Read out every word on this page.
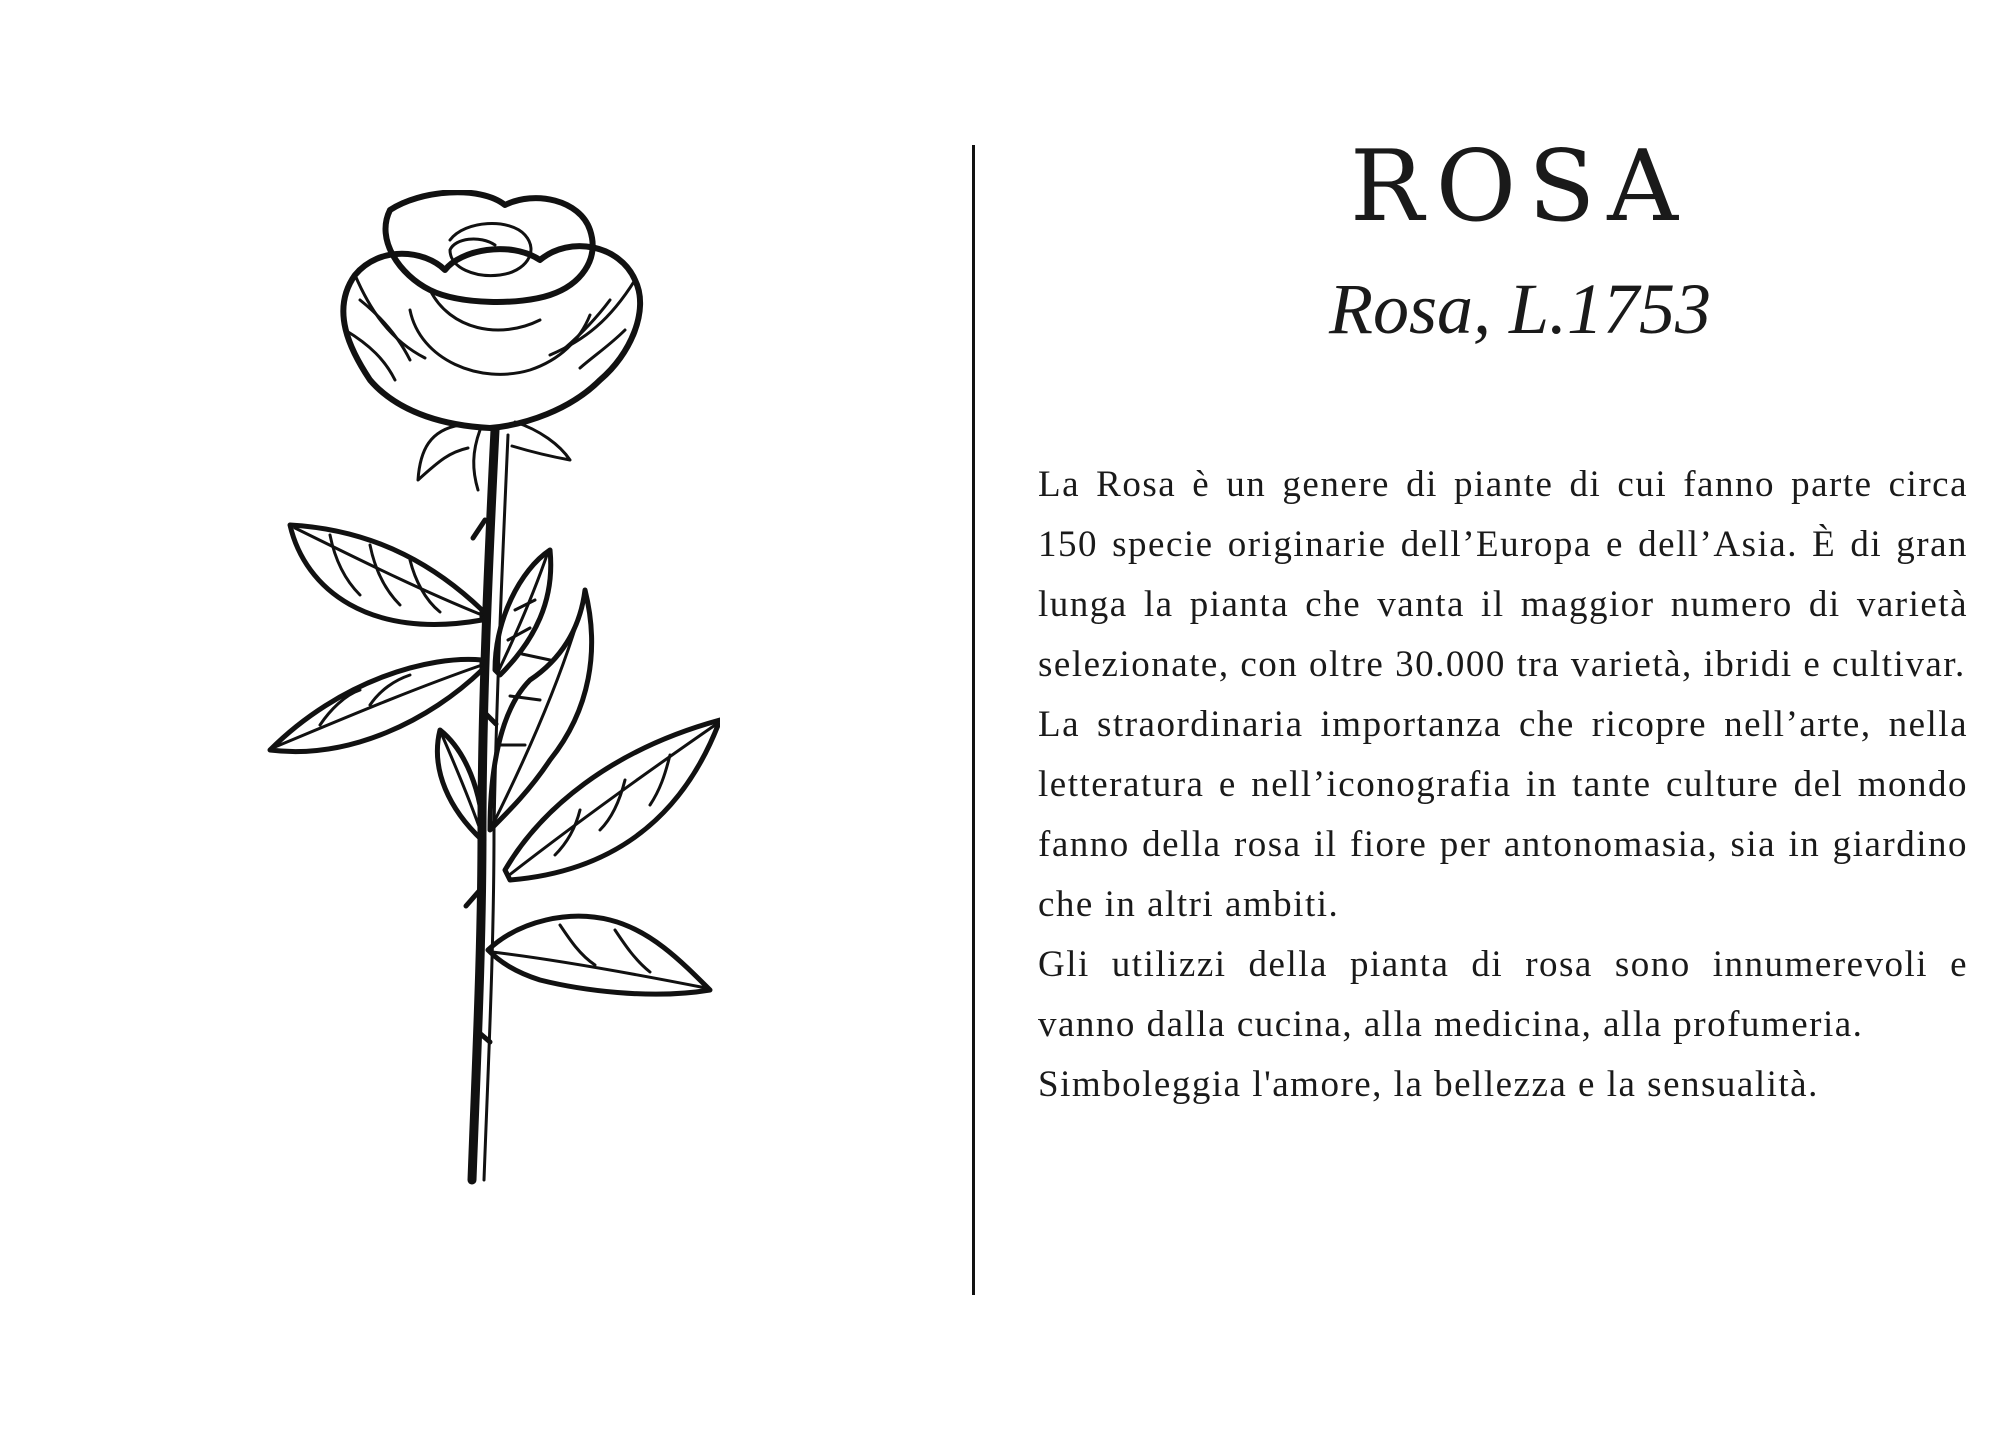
ROSA
Rosa, L.1753

La Rosa è un genere di piante di cui fanno parte circa 150 specie originarie dell’Europa e dell’Asia. È di gran lunga la pianta che vanta il maggior numero di varietà selezionate, con oltre 30.000 tra varietà, ibridi e cultivar.

La straordinaria importanza che ricopre nell’arte, nella letteratura e nell’iconografia in tante culture del mondo fanno della rosa il fiore per antonomasia, sia in giardino che in altri ambiti.

Gli utilizzi della pianta di rosa sono innumerevoli e vanno dalla cucina, alla medicina, alla profumeria.

Simboleggia l'amore, la bellezza e la sensualità.
